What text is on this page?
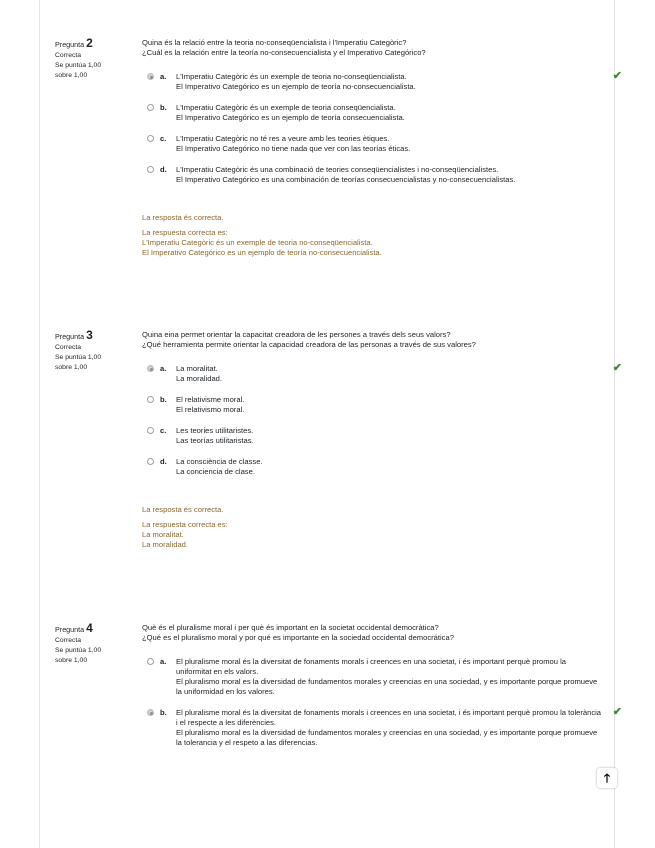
Pregunta 2
Correcta
Se puntúa 1,00
sobre 1,00
Quina és la relació entre la teoria no-conseqüencialista i l'Imperatiu Categòric?
¿Cuál es la relación entre la teoría no-consecuencialista y el Imperativo Categórico?
a. L'Imperatiu Categòric és un exemple de teoria no-conseqüencialista.
El Imperativo Categórico es un ejemplo de teoría no-consecuencialista.
✔
b. L'Imperatiu Categòric és un exemple de teoria conseqüencialista.
El Imperativo Categórico es un ejemplo de teoría consecuencialista.
c. L'Imperatiu Categòric no té res a veure amb les teories ètiques.
El Imperativo Categórico no tiene nada que ver con las teorías éticas.
d. L'Imperatiu Categòric és una combinació de teories conseqüencialistes i no-conseqüencialistes.
El Imperativo Categórico es una combinación de teorías consecuencialistas y no-consecuencialistas.
La resposta és correcta.
La respuesta correcta es:
L'Imperatiu Categòric és un exemple de teoria no-conseqüencialista.
El Imperativo Categórico es un ejemplo de teoría no-consecuencialista.
Pregunta 3
Correcta
Se puntúa 1,00
sobre 1,00
Quina eina permet orientar la capacitat creadora de les persones a través dels seus valors?
¿Qué herramienta permite orientar la capacidad creadora de las personas a través de sus valores?
a. La moralitat.
La moralidad.
✔
b. El relativisme moral.
El relativismo moral.
c. Les teories utilitaristes.
Las teorías utilitaristas.
d. La consciència de classe.
La conciencia de clase.
La resposta és correcta.
La respuesta correcta es:
La moralitat.
La moralidad.
Pregunta 4
Correcta
Se puntúa 1,00
sobre 1,00
Què és el pluralisme moral i per què és important en la societat occidental democràtica?
¿Qué es el pluralismo moral y por qué es importante en la sociedad occidental democrática?
a. El pluralisme moral és la diversitat de fonaments morals i creences en una societat, i és important perquè promou la uniformitat en els valors.
El pluralismo moral es la diversidad de fundamentos morales y creencias en una sociedad, y es importante porque promueve la uniformidad en los valores.
b. El pluralisme moral és la diversitat de fonaments morals i creences en una societat, i és important perquè promou la tolerància i el respecte a les diferències.
El pluralismo moral es la diversidad de fundamentos morales y creencias en una sociedad, y es importante porque promueve la tolerancia y el respeto a las diferencias.
✔
🡑
